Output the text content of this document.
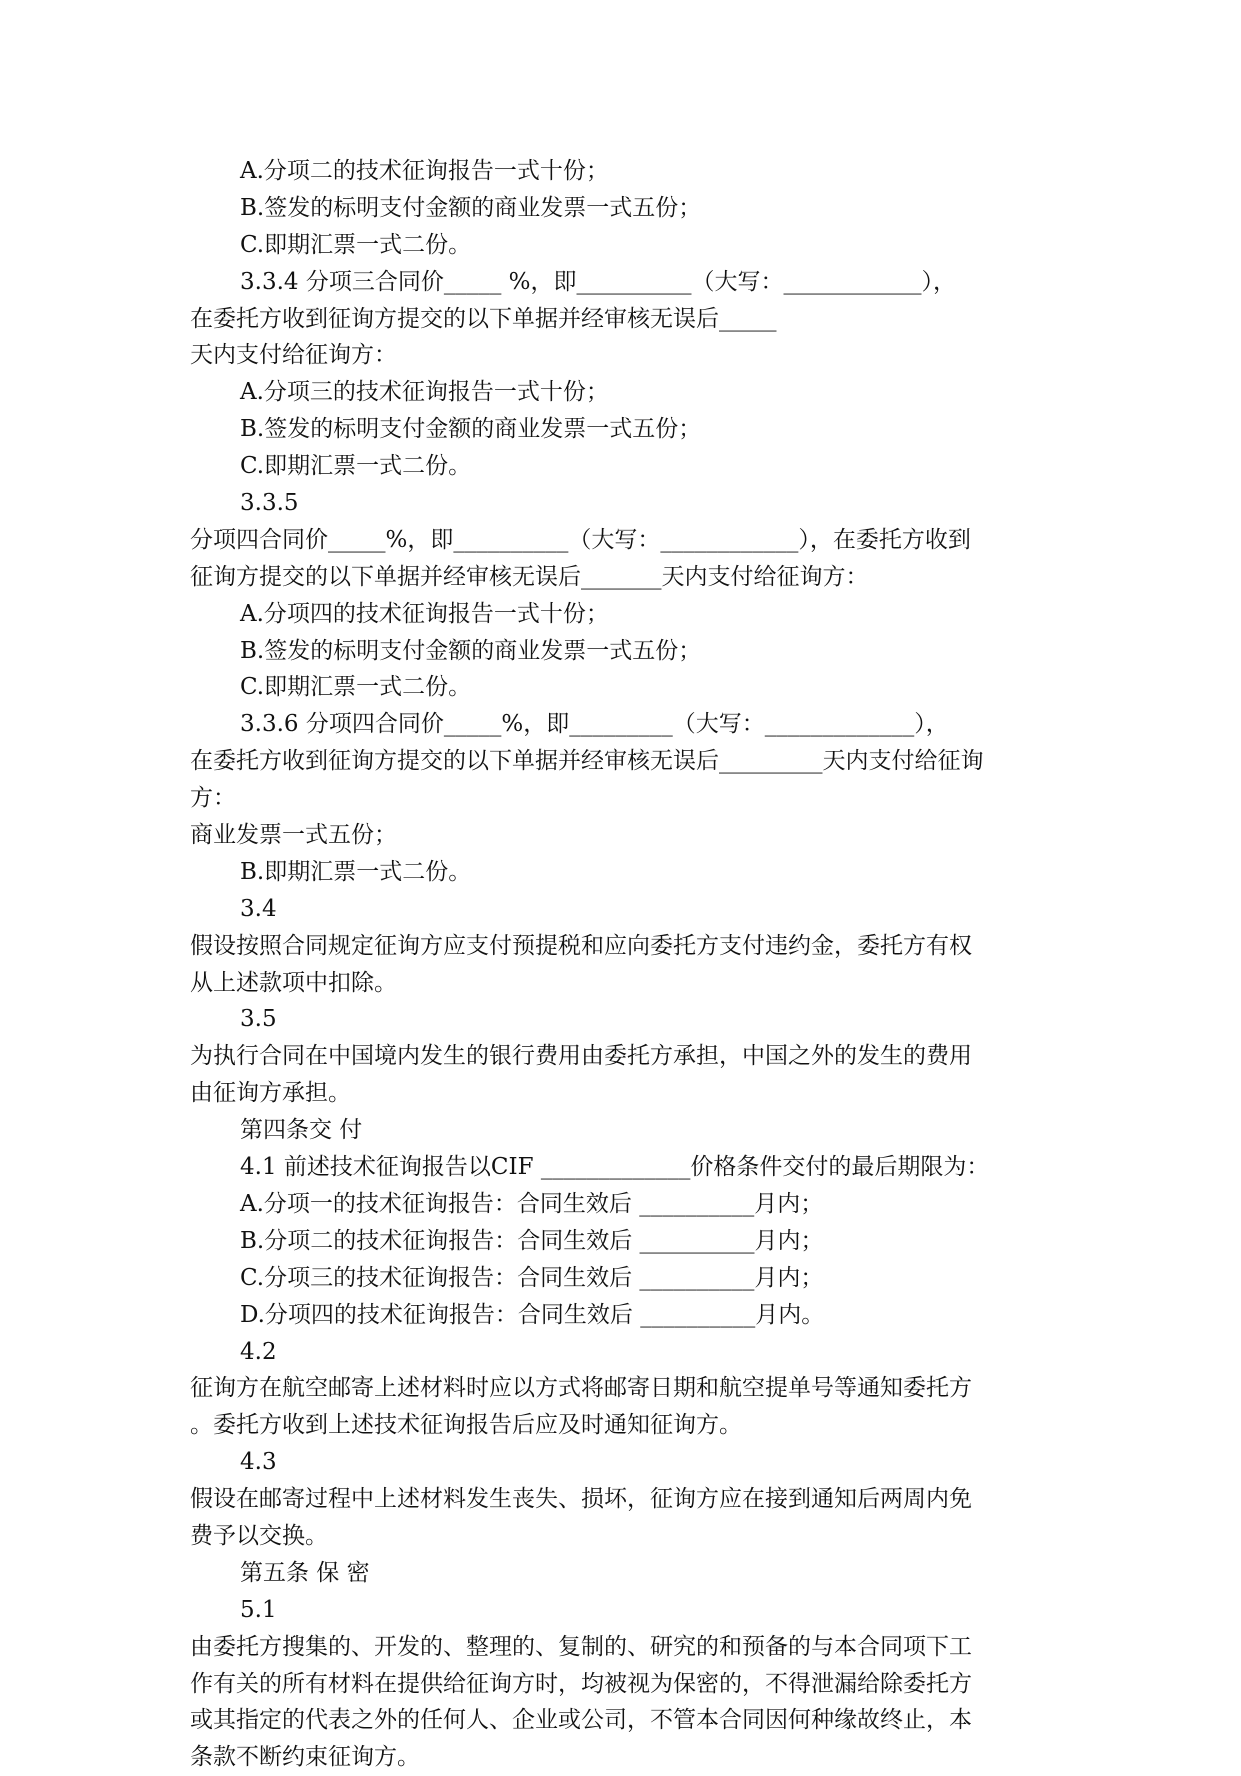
A.分项二的技术征询报告一式十份；

B.签发的标明支付金额的商业发票一式五份；

C.即期汇票一式二份。

3.3.4 分项三合同价_____ %，即__________（大写：____________），

在委托方收到征询方提交的以下单据并经审核无误后_____

天内支付给征询方：

A.分项三的技术征询报告一式十份；

B.签发的标明支付金额的商业发票一式五份；

C.即期汇票一式二份。

3.3.5

分项四合同价_____%，即__________（大写：____________），在委托方收到

征询方提交的以下单据并经审核无误后_______天内支付给征询方：

A.分项四的技术征询报告一式十份；

B.签发的标明支付金额的商业发票一式五份；

C.即期汇票一式二份。

3.3.6 分项四合同价_____%，即_________（大写：_____________），

在委托方收到征询方提交的以下单据并经审核无误后_________天内支付给征询

方：

商业发票一式五份；

B.即期汇票一式二份。

3.4

假设按照合同规定征询方应支付预提税和应向委托方支付违约金，委托方有权

从上述款项中扣除。

3.5

为执行合同在中国境内发生的银行费用由委托方承担，中国之外的发生的费用

由征询方承担。

第四条交 付

4.1 前述技术征询报告以CIF _____________价格条件交付的最后期限为：

A.分项一的技术征询报告：合同生效后 __________月内；

B.分项二的技术征询报告：合同生效后 __________月内；

C.分项三的技术征询报告：合同生效后 __________月内；

D.分项四的技术征询报告：合同生效后 __________月内。

4.2

征询方在航空邮寄上述材料时应以方式将邮寄日期和航空提单号等通知委托方

。委托方收到上述技术征询报告后应及时通知征询方。

4.3

假设在邮寄过程中上述材料发生丧失、损坏，征询方应在接到通知后两周内免

费予以交换。

第五条 保 密

5.1

由委托方搜集的、开发的、整理的、复制的、研究的和预备的与本合同项下工

作有关的所有材料在提供给征询方时，均被视为保密的，不得泄漏给除委托方

或其指定的代表之外的任何人、企业或公司，不管本合同因何种缘故终止，本

条款不断约束征询方。
